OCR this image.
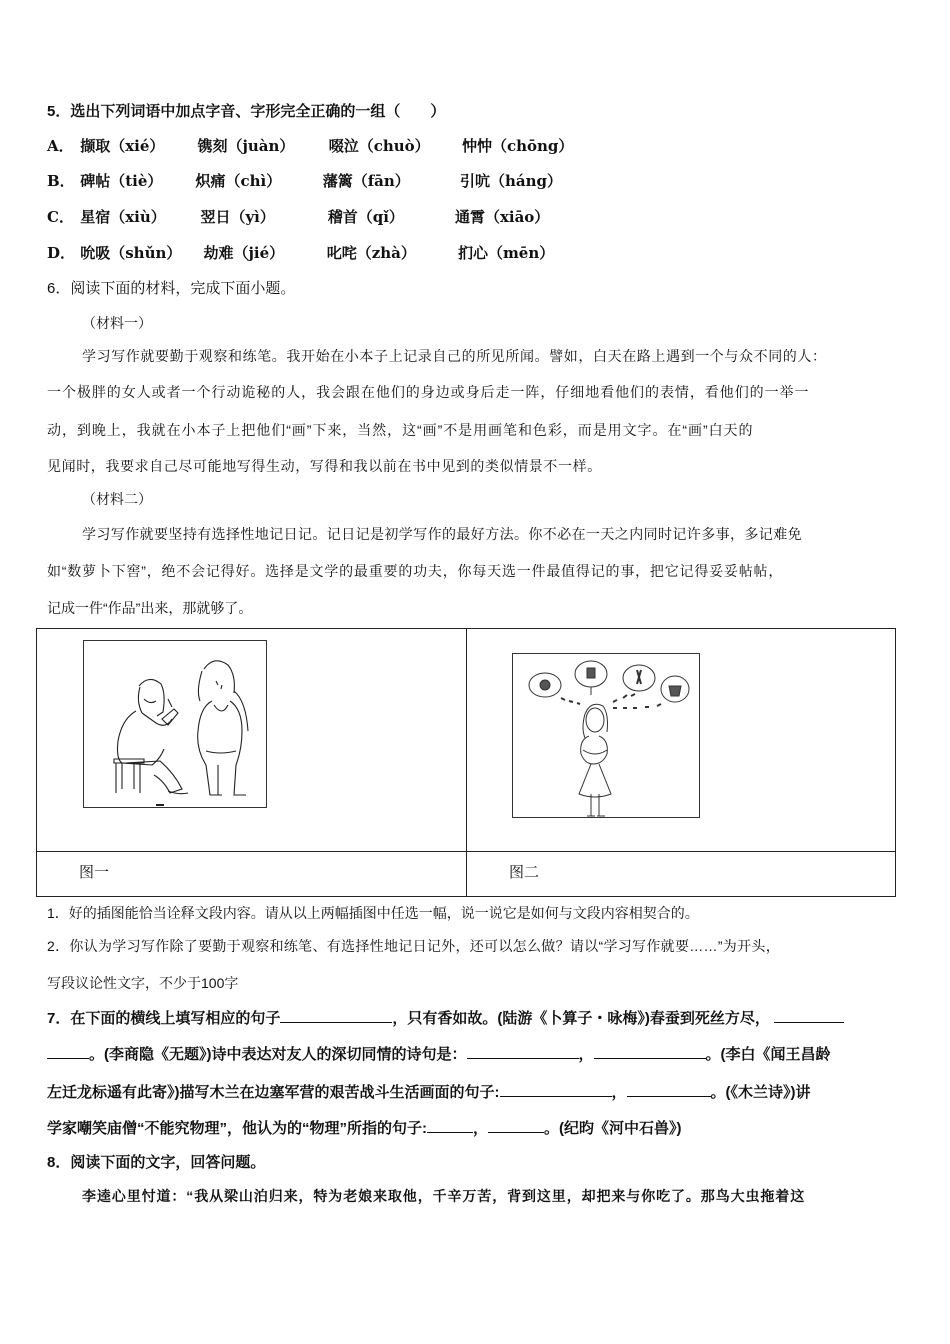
5．选出下列词语中加点字音、字形完全正确的一组（　　）
A． 撷取（xié） 镌刻（juàn） 啜泣（chuò） 忡忡（chōng）
B． 碑帖（tiè） 炽痛（chì）	藩篱（fān）	引吭（háng）
C． 星宿（xiù） 翌日（yì）	稽首（qǐ）	通霄（xiāo）
D． 吮吸（shǔn） 劫难（jié）	叱咤（zhà）	扪心（mēn）
6．阅读下面的材料，完成下面小题。
（材料一）
学习写作就要勤于观察和练笔。我开始在小本子上记录自己的所见所闻。譬如，白天在路上遇到一个与众不同的人：
一个极胖的女人或者一个行动诡秘的人，我会跟在他们的身边或身后走一阵，仔细地看他们的表情，看他们的一举一
动，到晚上，我就在小本子上把他们“画”下来，当然，这“画”不是用画笔和色彩，而是用文字。在“画”白天的
见闻时，我要求自己尽可能地写得生动，写得和我以前在书中见到的类似情景不一样。
（材料二）
学习写作就要坚持有选择性地记日记。记日记是初学写作的最好方法。你不必在一天之内同时记许多事，多记难免
如“数萝卜下窖”，绝不会记得好。选择是文学的最重要的功夫，你每天选一件最值得记的事，把它记得妥妥帖帖，
记成一件“作品”出来，那就够了。
图一	图二
1．好的插图能恰当诠释文段内容。请从以上两幅插图中任选一幅，说一说它是如何与文段内容相契合的。
2．你认为学习写作除了要勤于观察和练笔、有选择性地记日记外，还可以怎么做？请以“学习写作就要……”为开头，
写段议论性文字，不少于100字
7．在下面的横线上填写相应的句子	，只有香如故。(陆游《卜算子・咏梅》)春蚕到死丝方尽，
。(李商隐《无题》)诗中表达对友人的深切同情的诗句是：	，	。(李白《闻王昌龄
左迁龙标遥有此寄》)描写木兰在边塞军营的艰苦战斗生活画面的句子:	，	。(《木兰诗》)讲
学家嘲笑庙僧“不能究物理”，他认为的“物理”所指的句子:	，	。(纪昀《河中石兽》)
8．阅读下面的文字，回答问题。
李逵心里忖道：“我从梁山泊归来，特为老娘来取他，千辛万苦，背到这里，却把来与你吃了。那鸟大虫拖着这
